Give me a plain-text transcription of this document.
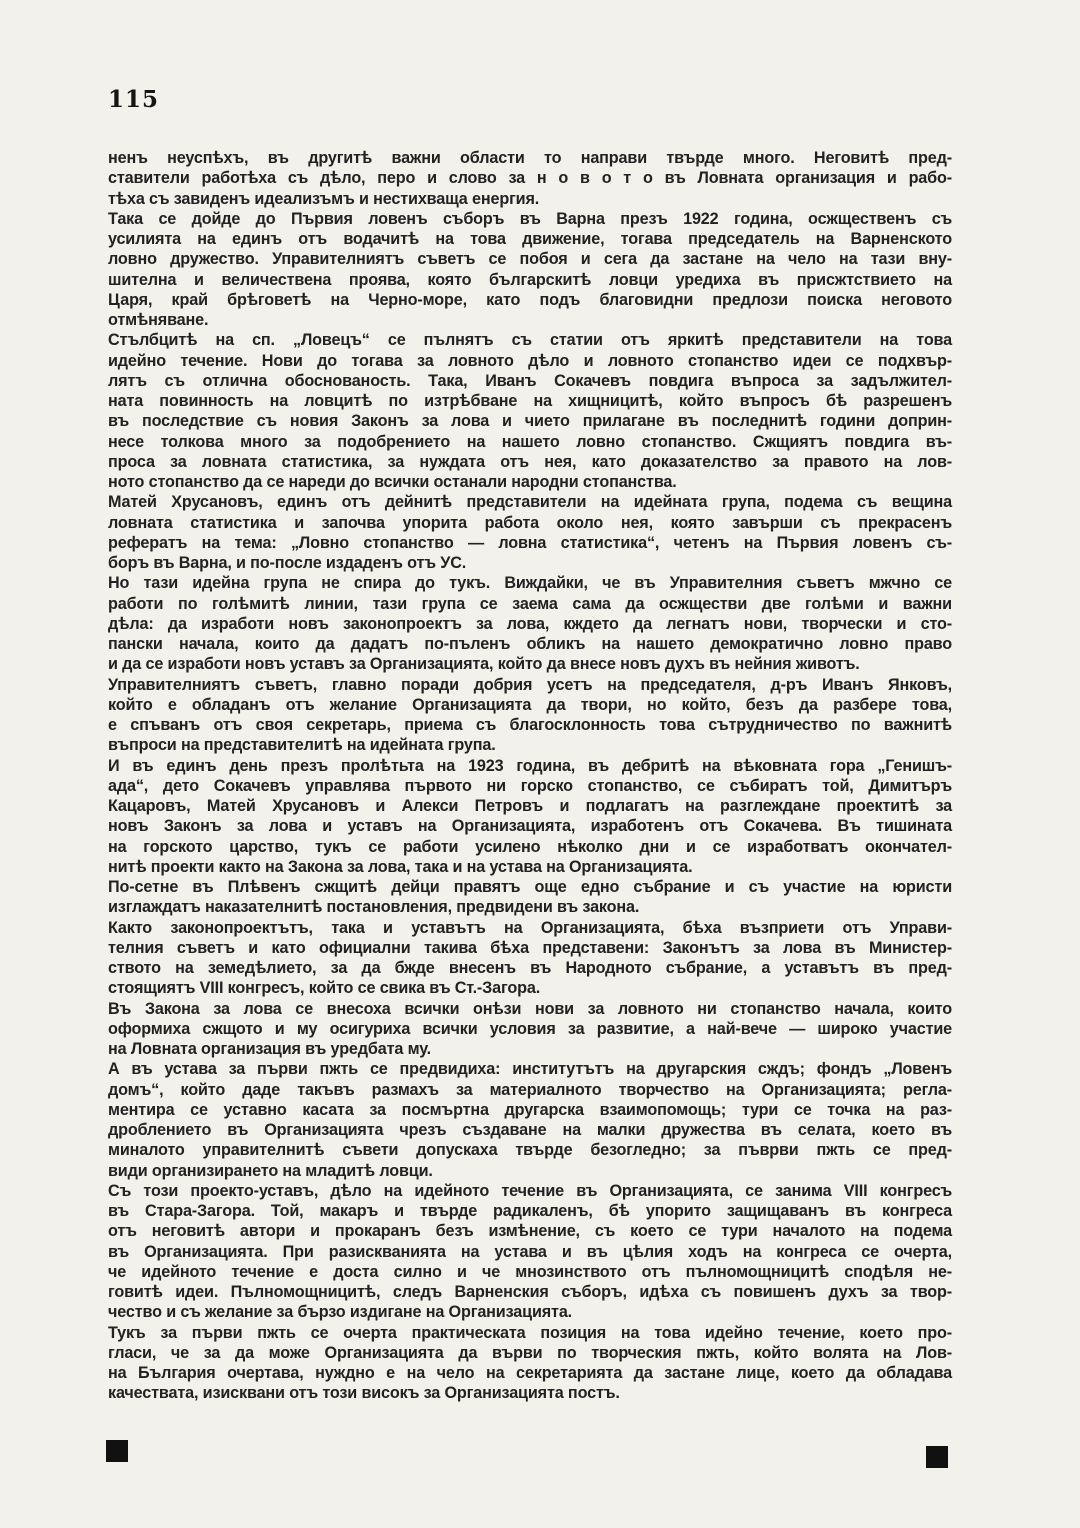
115
ненъ неуспѣхъ, въ другитѣ важни области то направи твърде много. Неговитѣ пред-
ставители работѣха съ дѣло, перо и слово за н о в о т о въ Ловната организация и рабо-
тѣха съ завиденъ идеализъмъ и нестихваща енергия.
Така се дойде до Първия ловенъ съборъ въ Варна презъ 1922 година, осжщественъ съ
усилията на единъ отъ водачитѣ на това движение, тогава председатель на Варненското
ловно дружество. Управителниятъ съветъ се побоя и сега да застане на чело на тази вну-
шителна и величествена проява, която българскитѣ ловци уредиха въ присжтствието на
Царя, край брѣговетѣ на Черно-море, като подъ благовидни предлози поиска неговото
отмѣняване.
Стълбцитѣ на сп. „Ловецъ“ се пълнятъ съ статии отъ яркитѣ представители на това
идейно течение. Нови до тогава за ловното дѣло и ловното стопанство идеи се подхвър-
лятъ съ отлична обоснованость. Така, Иванъ Сокачевъ повдига въпроса за задължител-
ната повинность на ловцитѣ по изтрѣбване на хищницитѣ, който въпросъ бѣ разрешенъ
въ последствие съ новия Законъ за лова и чието прилагане въ последнитѣ години доприн-
несе толкова много за подобрението на нашето ловно стопанство. Сжщиятъ повдига въ-
проса за ловната статистика, за нуждата отъ нея, като доказателство за правото на лов-
ното стопанство да се нареди до всички останали народни стопанства.
Матей Хрусановъ, единъ отъ дейнитѣ представители на идейната група, подема съ вещина
ловната статистика и започва упорита работа около нея, която завърши съ прекрасенъ
рефератъ на тема: „Ловно стопанство — ловна статистика“, четенъ на Първия ловенъ съ-
боръ въ Варна, и по-после издаденъ отъ УС.
Но тази идейна група не спира до тукъ. Виждайки, че въ Управителния съветъ мжчно се
работи по голѣмитѣ линии, тази група се заема сама да осжществи две голѣми и важни
дѣла: да изработи новъ законопроектъ за лова, кждето да легнатъ нови, творчески и сто-
пански начала, които да дадатъ по-пъленъ обликъ на нашето демократично ловно право
и да се изработи новъ уставъ за Организацията, който да внесе новъ духъ въ нейния животъ.
Управителниятъ съветъ, главно поради добрия усетъ на председателя, д-ръ Иванъ Янковъ,
който е обладанъ отъ желание Организацията да твори, но който, безъ да разбере това,
е спъванъ отъ своя секретарь, приема съ благосклонность това сътрудничество по важнитѣ
въпроси на представителитѣ на идейната група.
И въ единъ день презъ пролѣтьта на 1923 година, въ дебритѣ на вѣковната гора „Генишъ-
ада“, дето Сокачевъ управлява първото ни горско стопанство, се събиратъ той, Димитъръ
Кацаровъ, Матей Хрусановъ и Алекси Петровъ и подлагатъ на разглеждане проектитѣ за
новъ Законъ за лова и уставъ на Организацията, изработенъ отъ Сокачева. Въ тишината
на горското царство, тукъ се работи усилено нѣколко дни и се изработватъ окончател-
нитѣ проекти както на Закона за лова, така и на устава на Организацията.
По-сетне въ Плѣвенъ сжщитѣ дейци правятъ още едно събрание и съ участие на юристи
изглаждатъ наказателнитѣ постановления, предвидени въ закона.
Както законопроектътъ, така и уставътъ на Организацията, бѣха възприети отъ Управи-
телния съветъ и като официални такива бѣха представени: Законътъ за лова въ Министер-
ството на земедѣлието, за да бжде внесенъ въ Народното събрание, а уставътъ въ пред-
стоящиятъ VIII конгресъ, който се свика въ Ст.-Загора.
Въ Закона за лова се внесоха всички онѣзи нови за ловното ни стопанство начала, които
оформиха сжщото и му осигуриха всички условия за развитие, а най-вече — широко участие
на Ловната организация въ уредбата му.
А въ устава за първи пжть се предвидиха: институтътъ на другарския сждъ; фондъ „Ловенъ
домъ“, който даде такъвъ размахъ за материалното творчество на Организацията; регла-
ментира се уставно касата за посмъртна другарска взаимопомощь; тури се точка на раз-
дроблението въ Организацията чрезъ създаване на малки дружества въ селата, което въ
миналото управителнитѣ съвети допускаха твърде безогледно; за пъврви пжть се пред-
види организирането на младитѣ ловци.
Съ този проекто-уставъ, дѣло на идейното течение въ Организацията, се занима VIII конгресъ
въ Стара-Загора. Той, макаръ и твърде радикаленъ, бѣ упорито защищаванъ въ конгреса
отъ неговитѣ автори и прокаранъ безъ измѣнение, съ което се тури началото на подема
въ Организацията. При разискванията на устава и въ цѣлия ходъ на конгреса се очерта,
че идейното течение е доста силно и че мнозинството отъ пълномощницитѣ сподѣля не-
говитѣ идеи. Пълномощницитѣ, следъ Варненския съборъ, идѣха съ повишенъ духъ за твор-
чество и съ желание за бързо издигане на Организацията.
Тукъ за първи пжть се очерта практическата позиция на това идейно течение, което про-
гласи, че за да може Организацията да върви по творческия пжть, който волята на Лов-
на България очертава, нуждно е на чело на секретарията да застане лице, което да обладава
качествата, изисквани отъ този високъ за Организацията постъ.
